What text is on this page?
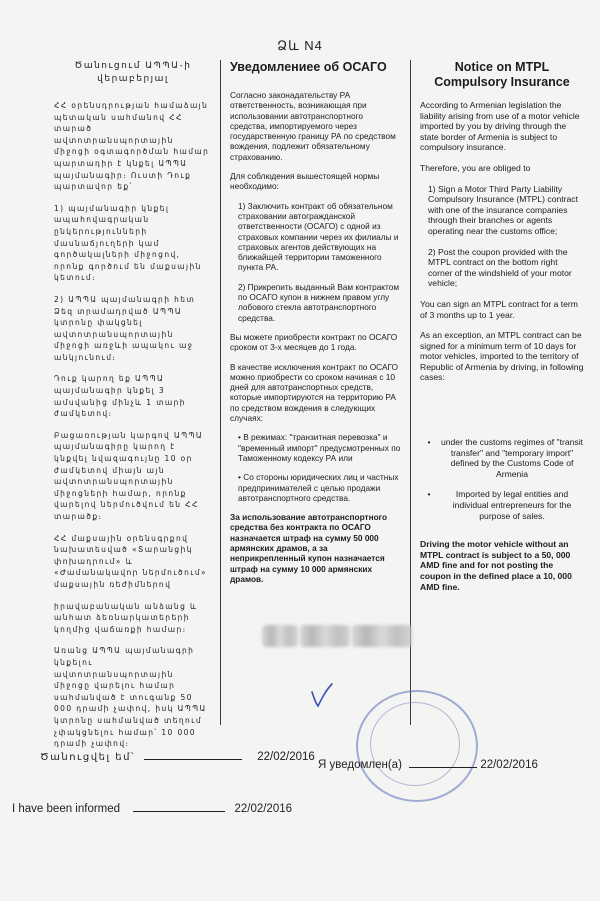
Ձև N4
Ծանուցում ԱՊՊԱ-ի վերաբերյալ

ՀՀ օրենսդրության համաձայն պետական սահմանով ՀՀ տարած ավտոտրանսպորտային միջոցի օգտագործման համար պարտադիր է կնքել ԱՊՊԱ պայմանագիր։ Ուստի Դուք պարտավոր եք՝

1) պայմանագիր կնքել ապահովագրական ընկերությունների մասնաճյուղերի կամ գործակալների միջոցով, որոնք գործում են մաքսային կետում։

2) ԱՊՊԱ պայմանագրի հետ Ձեզ տրամադրված ԱՊՊԱ կտրոնը փակցնել ավտոտրանսպորտային միջոցի առջևի ապակու աջ անկյունում։

Դուք կարող եք ԱՊՊԱ պայմանագիր կնքել 3 ամսվանից մինչև 1 տարի ժամկետով։

Բացառության կարգով ԱՊՊԱ պայմանագիրը կարող է կնքվել նվազագույնը 10 օր ժամկետով միայն այն ավտոտրանսպորտային միջոցների համար, որոնք վարելով ներմուծվում են ՀՀ տարածք։

ՀՀ մաքսային օրենսգրքով նախատեսված «Տարանցիկ փոխադրում» և «Ժամանակավոր ներմուծում» մաքսային ռեժիմներով

իրավաբանական անձանց և անհատ ձեռնարկատերերի կողմից վաճառքի համար։

Առանց ԱՊՊԱ պայմանագրի կնքելու ավտոտրանսպորտային միջոցը վարելու համար սահմանված է տուգանք 50 000 դրամի չափով, իսկ ԱՊՊԱ կտրոնը սահմանված տեղում չփակցնելու համար՝ 10 000 դրամի չափով։

Уведомлениее об ОСАГО

Согласно законадательству РА ответственность, возникающая при использовании автотранспортного средства, импортируемого через государственную границу РА по средством вождения, подлежит обязательному страхованию.

Для соблюдения вышестоящей нормы необходимо:

1) Заключить контракт об обязательном страховании автогражданской ответственности (ОСАГО) с одной из страховых компании через их филиалы и страховых агентов действующих на ближайщей территории таможенного пункта РА.

2) Прикрепить выданный Вам контрактом по ОСАГО купон в нижнем правом углу лобового стекла автотранспортного средства.

Вы можете приобрести контракт по ОСАГО сроком от 3-х месяцев до 1 года.

В качестве исключения контракт по ОСАГО можно приобрести со сроком начиная с 10 дней для автотранспортных средств, которые импортируются на территорию РА по средством вождения в следующих случаях:

• В режимах: "транзитная перевозка" и "временный импорт" предусмотренных по Таможенному кодексу РА или

• Со стороны юридических лиц и частных предпринимателей с целью продажи автотранспортного средства.

За использование автотранспортного средства без контракта по ОСАГО назначается штраф на сумму 50 000 армянских драмов, а за неприкрепленный купон назначается штраф на сумму 10 000 армянских драмов.

Notice on MTPL Compulsory Insurance

According to Armenian legislation the liability arising from use of a motor vehicle imported by you by driving through the state border of Armenia is subject to compulsory insurance.

Therefore, you are obliged to

1) Sign a Motor Third Party Liability Compulsory Insurance (MTPL) contract with one of the insurance companies through their branches or agents operating near the customs office;

2) Post the coupon provided with the MTPL contract on the bottom right corner of the windshield of your motor vehicle;

You can sign an MTPL contract for a term of 3 months up to 1 year.

As an exception, an MTPL contract can be signed for a minimum term of 10 days for motor vehicles, imported to the territory of Republic of Armenia by driving, in following cases:

• under the customs regimes of "transit transfer" and "temporary import" defined by the Customs Code of Armenia
•	Imported by legal entities and individual entrepreneurs for the purpose of sales.

Driving the motor vehicle without an MTPL contract is subject to a 50, 000 AMD fine and for not posting the coupon in the defined place a 10, 000 AMD fine.

Ծանուցվել եմ՝	22/02/2016
Я уведомлен(а)	22/02/2016
I have been informed	22/02/2016
